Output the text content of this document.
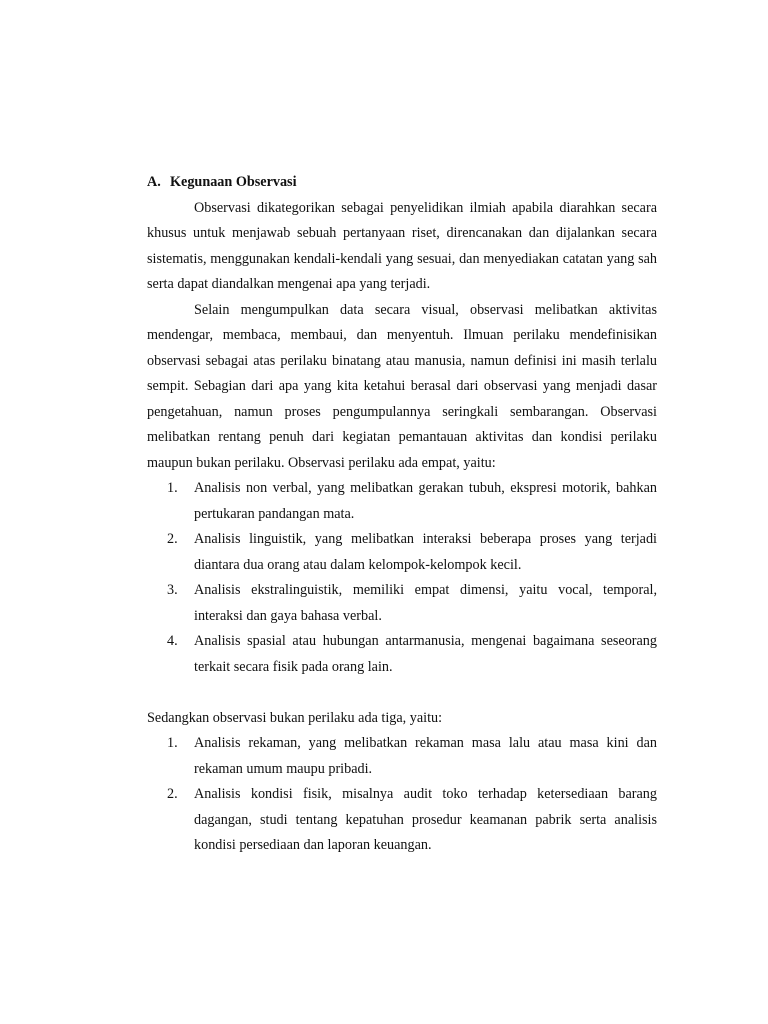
A. Kegunaan Observasi

Observasi dikategorikan sebagai penyelidikan ilmiah apabila diarahkan secara khusus untuk menjawab sebuah pertanyaan riset, direncanakan dan dijalankan secara sistematis, menggunakan kendali-kendali yang sesuai, dan menyediakan catatan yang sah serta dapat diandalkan mengenai apa yang terjadi.

Selain mengumpulkan data secara visual, observasi melibatkan aktivitas mendengar, membaca, membaui, dan menyentuh. Ilmuan perilaku mendefinisikan observasi sebagai atas perilaku binatang atau manusia, namun definisi ini masih terlalu sempit. Sebagian dari apa yang kita ketahui berasal dari observasi yang menjadi dasar pengetahuan, namun proses pengumpulannya seringkali sembarangan. Observasi melibatkan rentang penuh dari kegiatan pemantauan aktivitas dan kondisi perilaku maupun bukan perilaku. Observasi perilaku ada empat, yaitu:

1. Analisis non verbal, yang melibatkan gerakan tubuh, ekspresi motorik, bahkan pertukaran pandangan mata.
2. Analisis linguistik, yang melibatkan interaksi beberapa proses yang terjadi diantara dua orang atau dalam kelompok-kelompok kecil.
3. Analisis ekstralinguistik, memiliki empat dimensi, yaitu vocal, temporal, interaksi dan gaya bahasa verbal.
4. Analisis spasial atau hubungan antarmanusia, mengenai bagaimana seseorang terkait secara fisik pada orang lain.

Sedangkan observasi bukan perilaku ada tiga, yaitu:

1. Analisis rekaman, yang melibatkan rekaman masa lalu atau masa kini dan rekaman umum maupu pribadi.
2. Analisis kondisi fisik, misalnya audit toko terhadap ketersediaan barang dagangan, studi tentang kepatuhan prosedur keamanan pabrik serta analisis kondisi persediaan dan laporan keuangan.
